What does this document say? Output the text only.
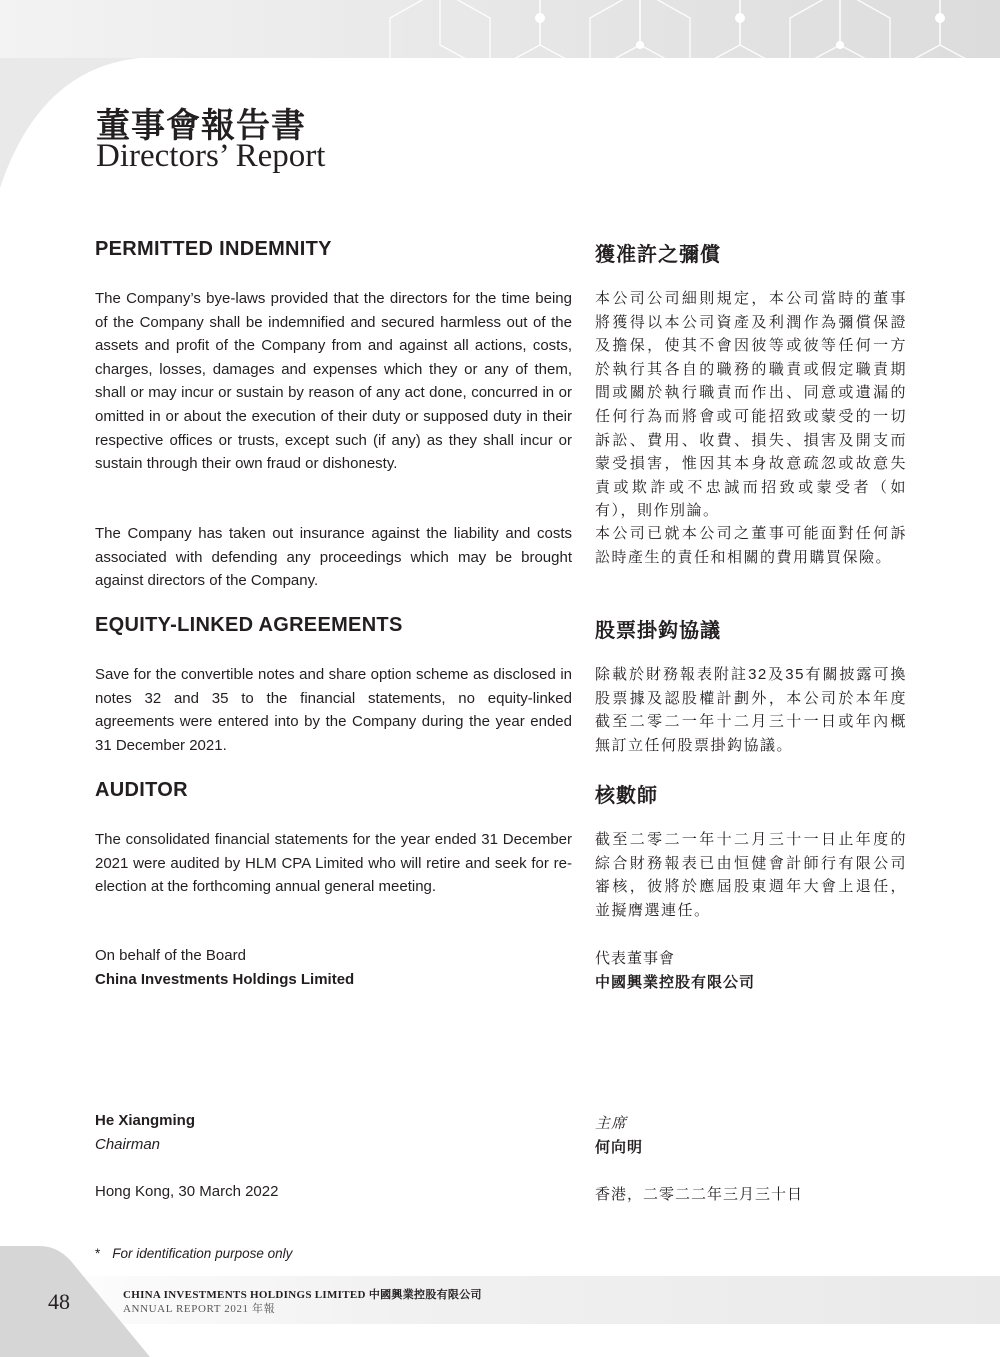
董事會報告書
Directors’ Report
PERMITTED INDEMNITY	獲准許之彌償
The Company’s bye-laws provided that the directors for the time being of the Company shall be indemnified and secured harmless out of the assets and profit of the Company from and against all actions, costs, charges, losses, damages and expenses which they or any of them, shall or may incur or sustain by reason of any act done, concurred in or omitted in or about the execution of their duty or supposed duty in their respective offices or trusts, except such (if any) as they shall incur or sustain through their own fraud or dishonesty.
本公司公司細則規定，本公司當時的董事將獲得以本公司資產及利潤作為彌償保證及擔保，使其不會因彼等或彼等任何一方於執行其各自的職務的職責或假定職責期間或關於執行職責而作出、同意或遺漏的任何行為而將會或可能招致或蒙受的一切訴訟、費用、收費、損失、損害及開支而蒙受損害，惟因其本身故意疏忽或故意失責或欺詐或不忠誠而招致或蒙受者（如有），則作別論。
The Company has taken out insurance against the liability and costs associated with defending any proceedings which may be brought against directors of the Company.
本公司已就本公司之董事可能面對任何訴訟時產生的責任和相關的費用購買保險。
EQUITY-LINKED AGREEMENTS	股票掛鈎協議
Save for the convertible notes and share option scheme as disclosed in notes 32 and 35 to the financial statements, no equity-linked agreements were entered into by the Company during the year ended 31 December 2021.
除載於財務報表附註32及35有關披露可換股票據及認股權計劃外，本公司於本年度截至二零二一年十二月三十一日或年內概無訂立任何股票掛鈎協議。
AUDITOR	核數師
The consolidated financial statements for the year ended 31 December 2021 were audited by HLM CPA Limited who will retire and seek for re-election at the forthcoming annual general meeting.
截至二零二一年十二月三十一日止年度的綜合財務報表已由恒健會計師行有限公司審核，彼將於應屆股東週年大會上退任，並擬膺選連任。
On behalf of the Board
China Investments Holdings Limited
代表董事會
中國興業控股有限公司
He Xiangming
Chairman
主席
何向明
Hong Kong, 30 March 2022	香港，二零二二年三月三十日
* For identification purpose only
48	CHINA INVESTMENTS HOLDINGS LIMITED 中國興業控股有限公司
ANNUAL REPORT 2021 年報
